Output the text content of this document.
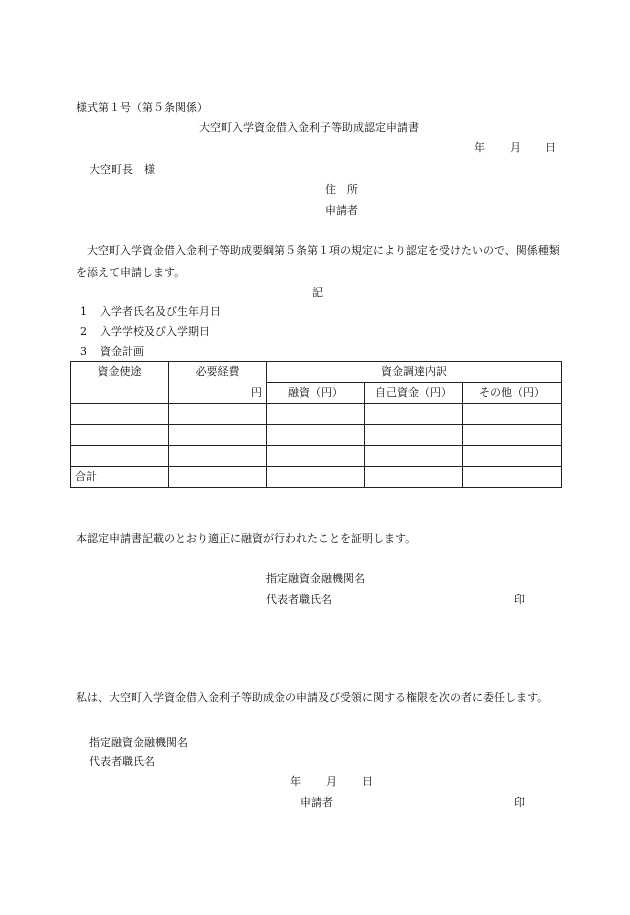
様式第１号（第５条関係）
大空町入学資金借入金利子等助成認定申請書
年 月 日
大空町長　様
住　所
申請者
大空町入学資金借入金利子等助成要綱第５条第１項の規定により認定を受けたいので、関係種類を添えて申請します。
記
1 入学者氏名及び生年月日
2 入学学校及び入学期日
3 資金計画
資金使途	必要経費	資金調達内訳		
	円	融資（円）	自己資金（円）	その他（円）

合計				
本認定申請書記載のとおり適正に融資が行われたことを証明します。
指定融資金融機関名
代表者職氏名	印
私は、大空町入学資金借入金利子等助成金の申請及び受領に関する権限を次の者に委任します。
指定融資金融機関名
代表者職氏名
年 月 日
申請者	印
